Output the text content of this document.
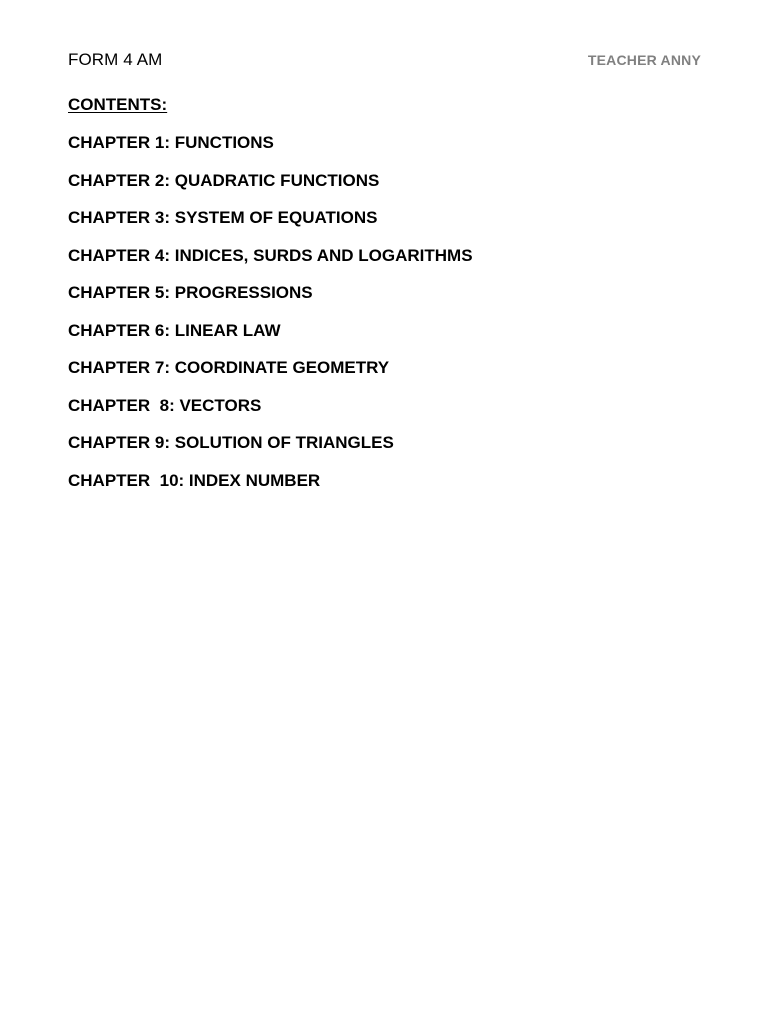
FORM 4 AM	TEACHER ANNY
CONTENTS:
CHAPTER 1: FUNCTIONS
CHAPTER 2: QUADRATIC FUNCTIONS
CHAPTER 3: SYSTEM OF EQUATIONS
CHAPTER 4: INDICES, SURDS AND LOGARITHMS
CHAPTER 5: PROGRESSIONS
CHAPTER 6: LINEAR LAW
CHAPTER 7: COORDINATE GEOMETRY
CHAPTER  8: VECTORS
CHAPTER 9: SOLUTION OF TRIANGLES
CHAPTER  10: INDEX NUMBER
